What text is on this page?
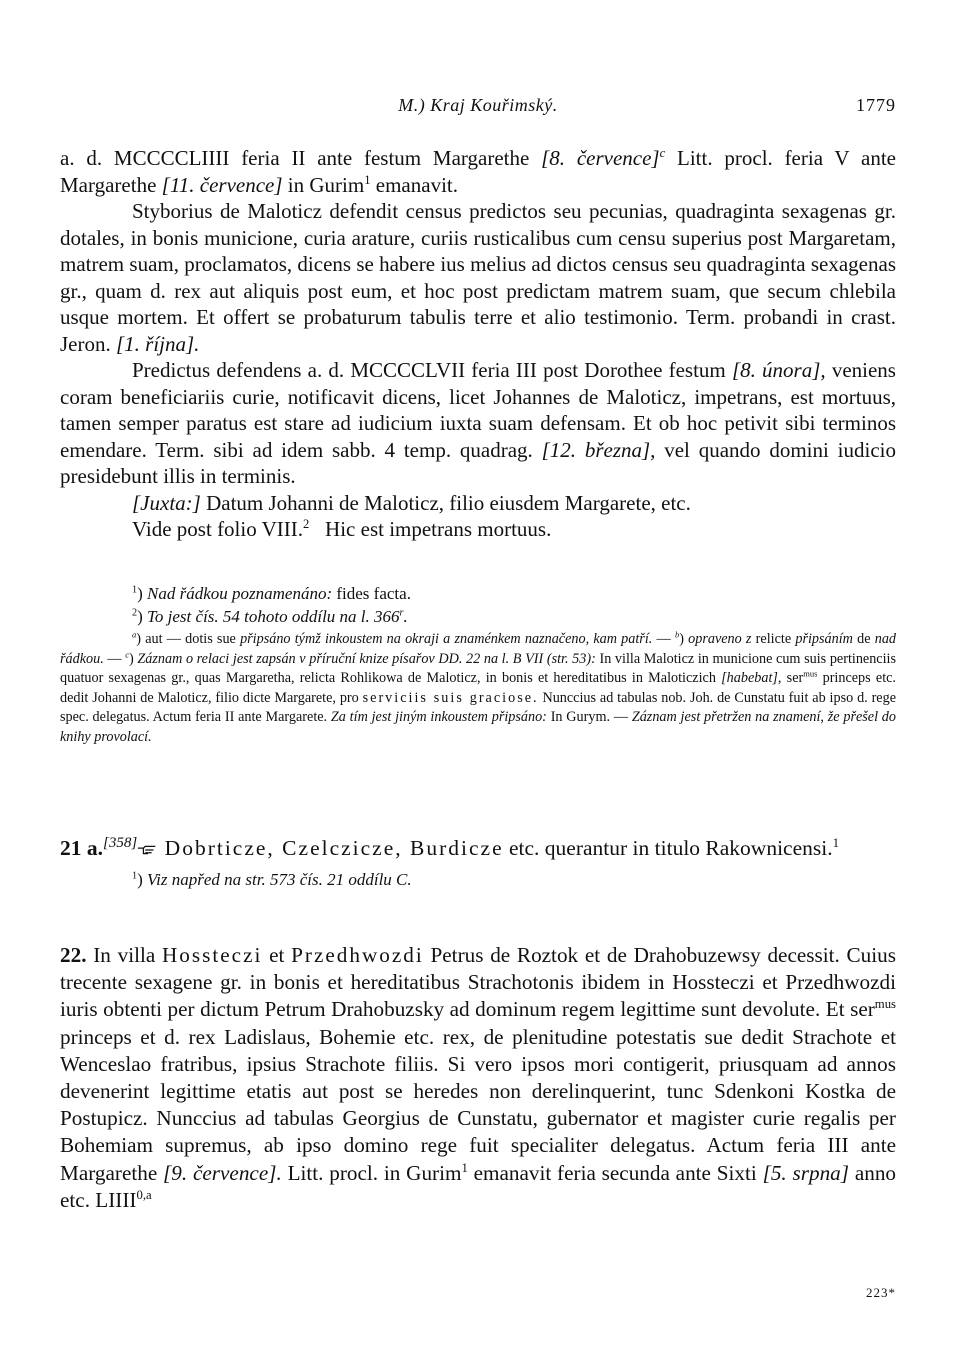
M.) Kraj Kouřimský.	1779

a. d. MCCCCLIIII feria II ante festum Margarethe [8. července]$^c$ Litt. procl. feria V ante Margarethe [11. července] in Gurim$^1$ emanavit.

Styborius de Maloticz defendit census predictos seu pecunias, quadraginta sexagenas gr. dotales, in bonis municione, curia arature, curiis rusticalibus cum censu superius post Margaretam, matrem suam, proclamatos, dicens se habere ius melius ad dictos census seu quadraginta sexagenas gr., quam d. rex aut aliquis post eum, et hoc post predictam matrem suam, que secum chlebila usque mortem. Et offert se probaturum tabulis terre et alio testimonio. Term. probandi in crast. Jeron. [1. října].

Predictus defendens a. d. MCCCCLVII feria III post Dorothee festum [8. února], veniens coram beneficiariis curie, notificavit dicens, licet Johannes de Maloticz, impetrans, est mortuus, tamen semper paratus est stare ad iudicium iuxta suam defensam. Et ob hoc petivit sibi terminos emendare. Term. sibi ad idem sabb. 4 temp. quadrag. [12. března], vel quando domini iudicio presidebunt illis in terminis.

[Juxta:] Datum Johanni de Maloticz, filio eiusdem Margarete, etc.

Vide post folio VIII.$^2$   Hic est impetrans mortuus.

$^1$) Nad řádkou poznamenáno: fides facta.

$^2$) To jest čís. 54 tohoto oddílu na l. 366$^r$.

$^a$) aut — dotis sue připsáno týmž inkoustem na okraji a znaménkem naznačeno, kam patří. — $^b$) opraveno z relicte připsáním de nad řádkou. — $^c$) Záznam o relaci jest zapsán v příruční knize písařov DD. 22 na l. B VII (str. 53): In villa Maloticz in municione cum suis pertinenciis quatuor sexagenas gr., quas Margaretha, relicta Rohlikowa de Maloticz, in bonis et hereditatibus in Maloticzich [habebat], ser$^{mus}$ princeps etc. dedit Johanni de Maloticz, filio dicte Margarete, pro serviciis suis graciose. Nunccius ad tabulas nob. Joh. de Cunstatu fuit ab ipso d. rege spec. delegatus. Actum feria II ante Margarete. Za tím jest jiným inkoustem připsáno: In Gurym. — Záznam jest přetržen na znamení, že přešel do knihy provolací.

21 a.[358] Dobrticze, Czelczicze, Burdicze etc. querantur in titulo Rakownicensi.$^1$

$^1$) Viz napřed na str. 573 čís. 21 oddílu C.

22. In villa Hossteczi et Przedhwozdi Petrus de Roztok et de Drahobuzewsy decessit. Cuius trecente sexagene gr. in bonis et hereditatibus Strachotonis ibidem in Hossteczi et Przedhwozdi iuris obtenti per dictum Petrum Drahobuzsky ad dominum regem legittime sunt devolute. Et ser$^{mus}$ princeps et d. rex Ladislaus, Bohemie etc. rex, de plenitudine potestatis sue dedit Strachote et Wenceslao fratribus, ipsius Strachote filiis. Si vero ipsos mori contigerit, priusquam ad annos devenerint legittime etatis aut post se heredes non derelinquerint, tunc Sdenkoni Kostka de Postupicz. Nunccius ad tabulas Georgius de Cunstatu, gubernator et magister curie regalis per Bohemiam supremus, ab ipso domino rege fuit specialiter delegatus. Actum feria III ante Margarethe [9. července]. Litt. procl. in Gurim$^1$ emanavit feria secunda ante Sixti [5. srpna] anno etc. LIIII$^{0,a}$

223*
